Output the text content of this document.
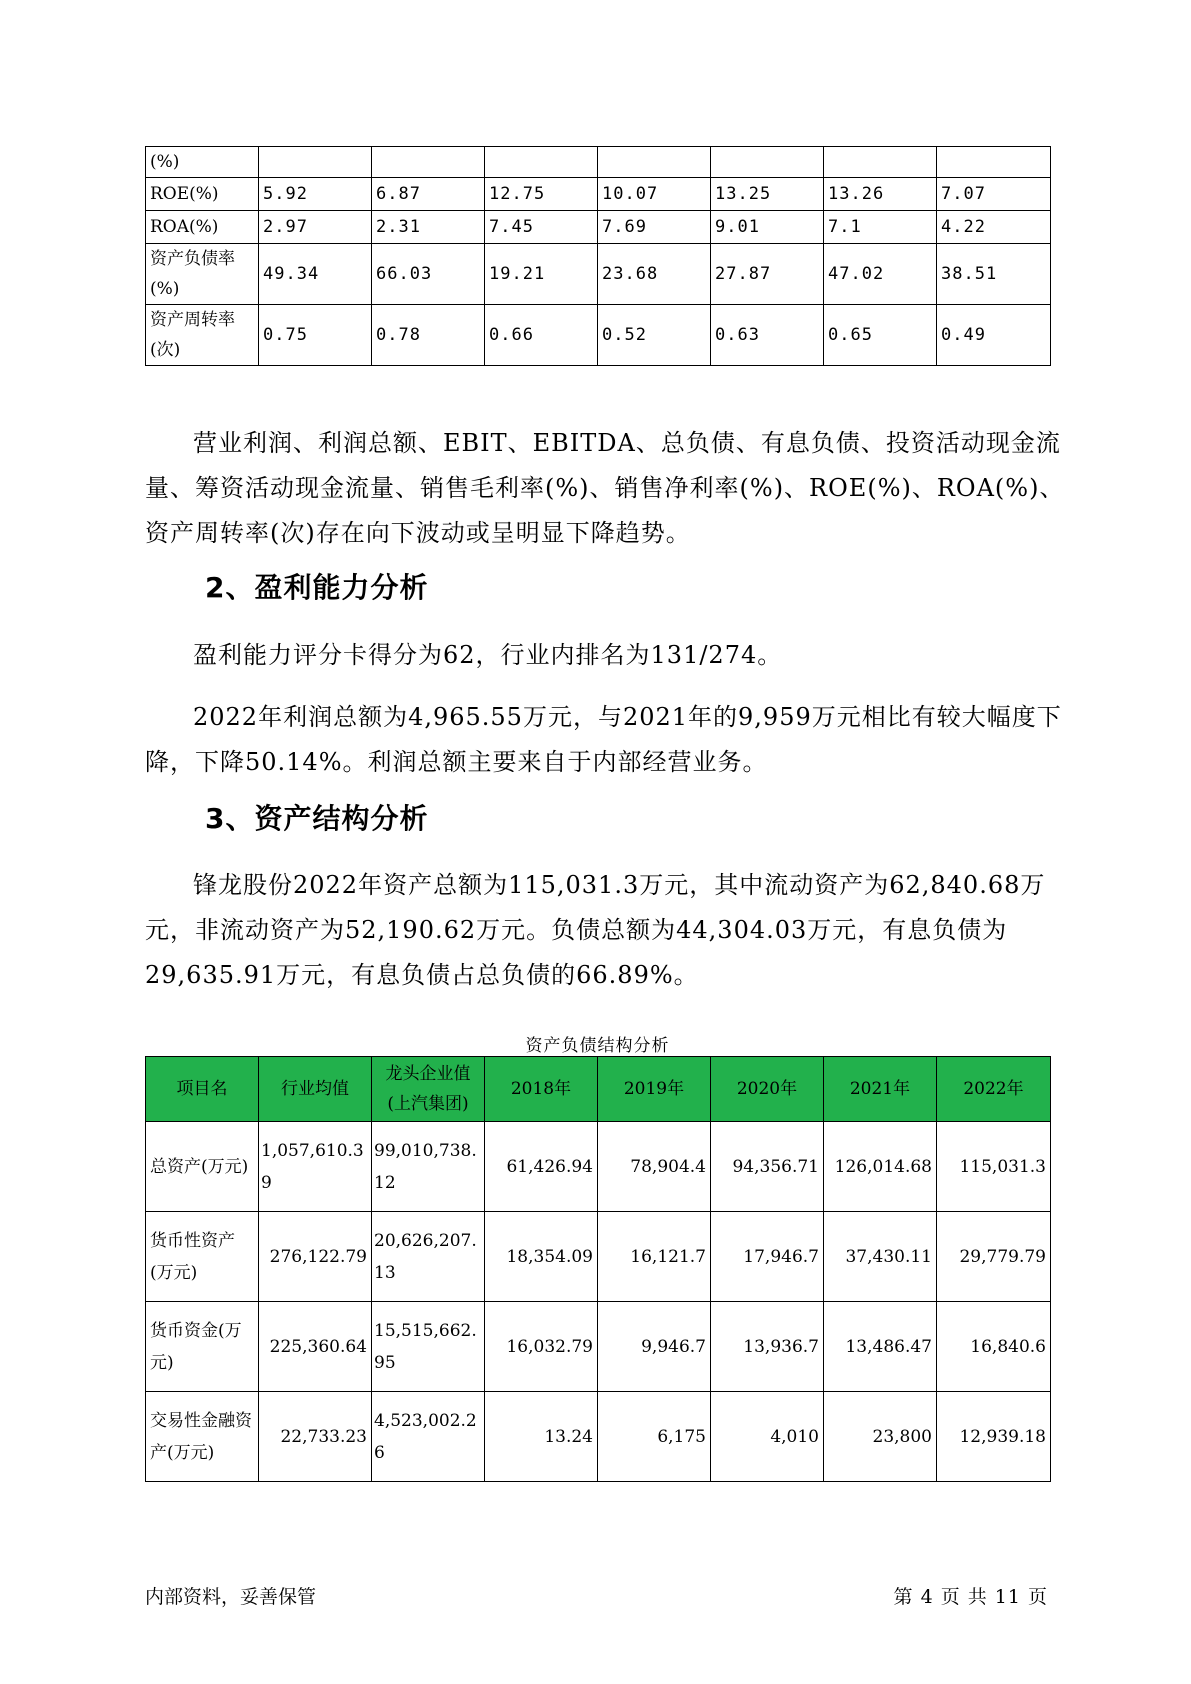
(%)							
ROE(%)	5.92	6.87	12.75	10.07	13.25	13.26	7.07
ROA(%)	2.97	2.31	7.45	7.69	9.01	7.1	4.22
资产负债率(%)	49.34	66.03	19.21	23.68	27.87	47.02	38.51
资产周转率(次)	0.75	0.78	0.66	0.52	0.63	0.65	0.49

营业利润、利润总额、EBIT、EBITDA、总负债、有息负债、投资活动现金流量、筹资活动现金流量、销售毛利率(%)、销售净利率(%)、ROE(%)、ROA(%)、资产周转率(次)存在向下波动或呈明显下降趋势。

2、盈利能力分析

盈利能力评分卡得分为62，行业内排名为131/274。

2022年利润总额为4,965.55万元，与2021年的9,959万元相比有较大幅度下降，下降50.14%。利润总额主要来自于内部经营业务。

3、资产结构分析

锋龙股份2022年资产总额为115,031.3万元，其中流动资产为62,840.68万元，非流动资产为52,190.62万元。负债总额为44,304.03万元，有息负债为29,635.91万元，有息负债占总负债的66.89%。

资产负债结构分析

项目名	行业均值	龙头企业值(上汽集团)	2018年	2019年	2020年	2021年	2022年
总资产(万元)	1,057,610.39	99,010,738.12	61,426.94	78,904.4	94,356.71	126,014.68	115,031.3
货币性资产(万元)	276,122.79	20,626,207.13	18,354.09	16,121.7	17,946.7	37,430.11	29,779.79
货币资金(万元)	225,360.64	15,515,662.95	16,032.79	9,946.7	13,936.7	13,486.47	16,840.6
交易性金融资产(万元)	22,733.23	4,523,002.26	13.24	6,175	4,010	23,800	12,939.18

内部资料，妥善保管	第 4 页 共 11 页
